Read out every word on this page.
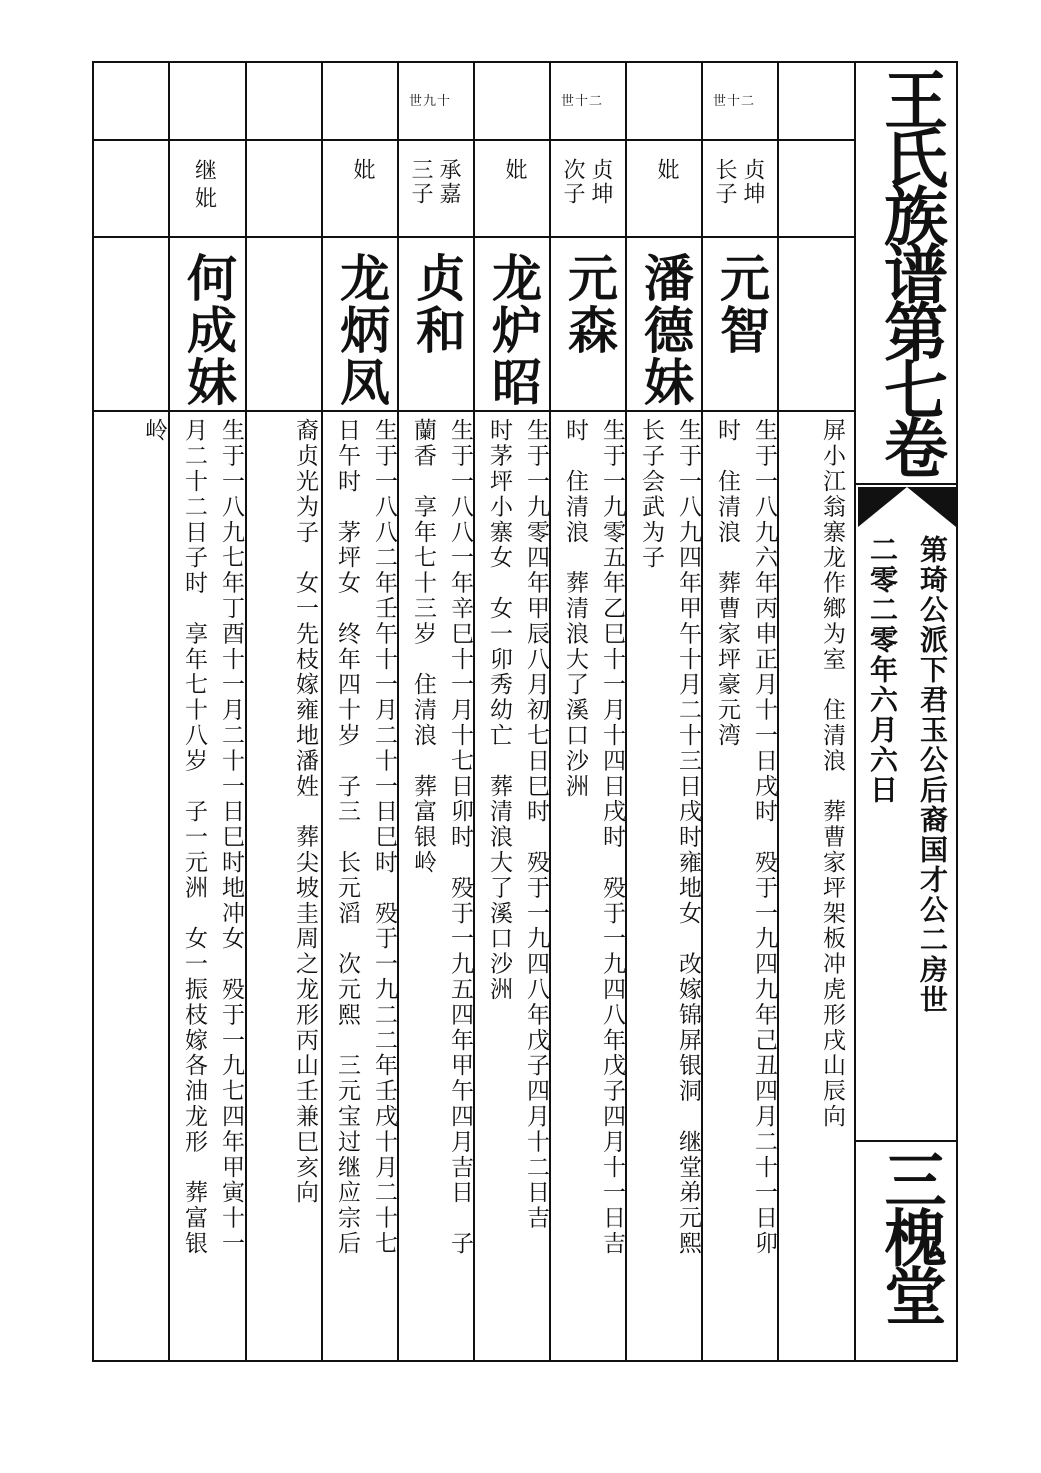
王氏族谱第七卷
第琦公派下君玉公后裔国才公二房世
二零二零年六月六日
三槐堂
屏小江翁寨龙作鄉为室　住清浪　葬曹家坪架板冲虎形戌山辰向
世十二
贞坤
长子
元智
生于一八九六年丙申正月十一日戌时　殁于一九四九年己丑四月二十一日卯
时　住清浪　葬曹家坪豪元湾
妣
潘德妹
生于一八九四年甲午十月二十三日戌时雍地女　改嫁锦屏银洞　继堂弟元熙
长子会武为子
世十二
贞坤
次子
元森
生于一九零五年乙巳十一月十四日戌时　殁于一九四八年戊子四月十一日吉
时　住清浪　葬清浪大了溪口沙洲
妣
龙炉昭
生于一九零四年甲辰八月初七日巳时　殁于一九四八年戊子四月十二日吉
时茅坪小寨女　女一卯秀幼亡　葬清浪大了溪口沙洲
世九十
承嘉
三子
贞和
生于一八八一年辛巳十一月十七日卯时　殁于一九五四年甲午四月吉日　子
蘭香　享年七十三岁　住清浪　葬富银岭
妣
龙炳凤
生于一八八二年壬午十一月二十一日巳时　殁于一九二二年壬戌十月二十七
日午时　茅坪女　终年四十岁　子三　长元滔　次元熙　三元宝过继应宗后
裔贞光为子　女一先枝嫁雍地潘姓　葬尖坡圭周之龙形丙山壬兼巳亥向
继
妣
何成妹
生于一八九七年丁酉十一月二十一日巳时地冲女　殁于一九七四年甲寅十一
月二十二日子时　享年七十八岁　子一元洲　女一振枝嫁各油龙形　葬富银
岭
